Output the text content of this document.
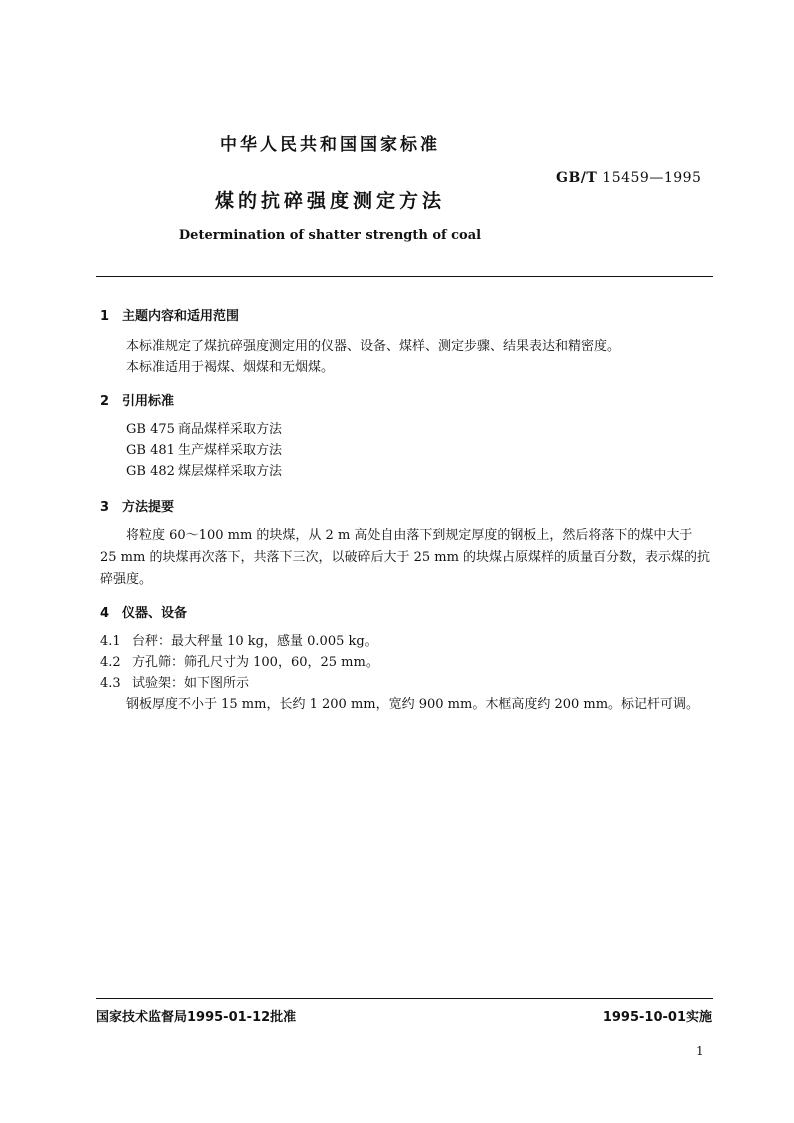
中华人民共和国国家标准
GB/T 15459—1995
煤的抗碎强度测定方法
Determination of shatter strength of coal
1 主题内容和适用范围
本标准规定了煤抗碎强度测定用的仪器、设备、煤样、测定步骤、结果表达和精密度。
本标准适用于褐煤、烟煤和无烟煤。
2 引用标准
GB 475 商品煤样采取方法
GB 481 生产煤样采取方法
GB 482 煤层煤样采取方法
3 方法提要
将粒度 60～100 mm 的块煤，从 2 m 高处自由落下到规定厚度的钢板上，然后将落下的煤中大于
25 mm 的块煤再次落下，共落下三次，以破碎后大于 25 mm 的块煤占原煤样的质量百分数，表示煤的抗
碎强度。
4 仪器、设备
4.1 台秤：最大秤量 10 kg，感量 0.005 kg。
4.2 方孔筛：筛孔尺寸为 100，60，25 mm。
4.3 试验架：如下图所示
钢板厚度不小于 15 mm，长约 1 200 mm，宽约 900 mm。木框高度约 200 mm。标记杆可调。
国家技术监督局1995-01-12批准	1995-10-01实施
1
